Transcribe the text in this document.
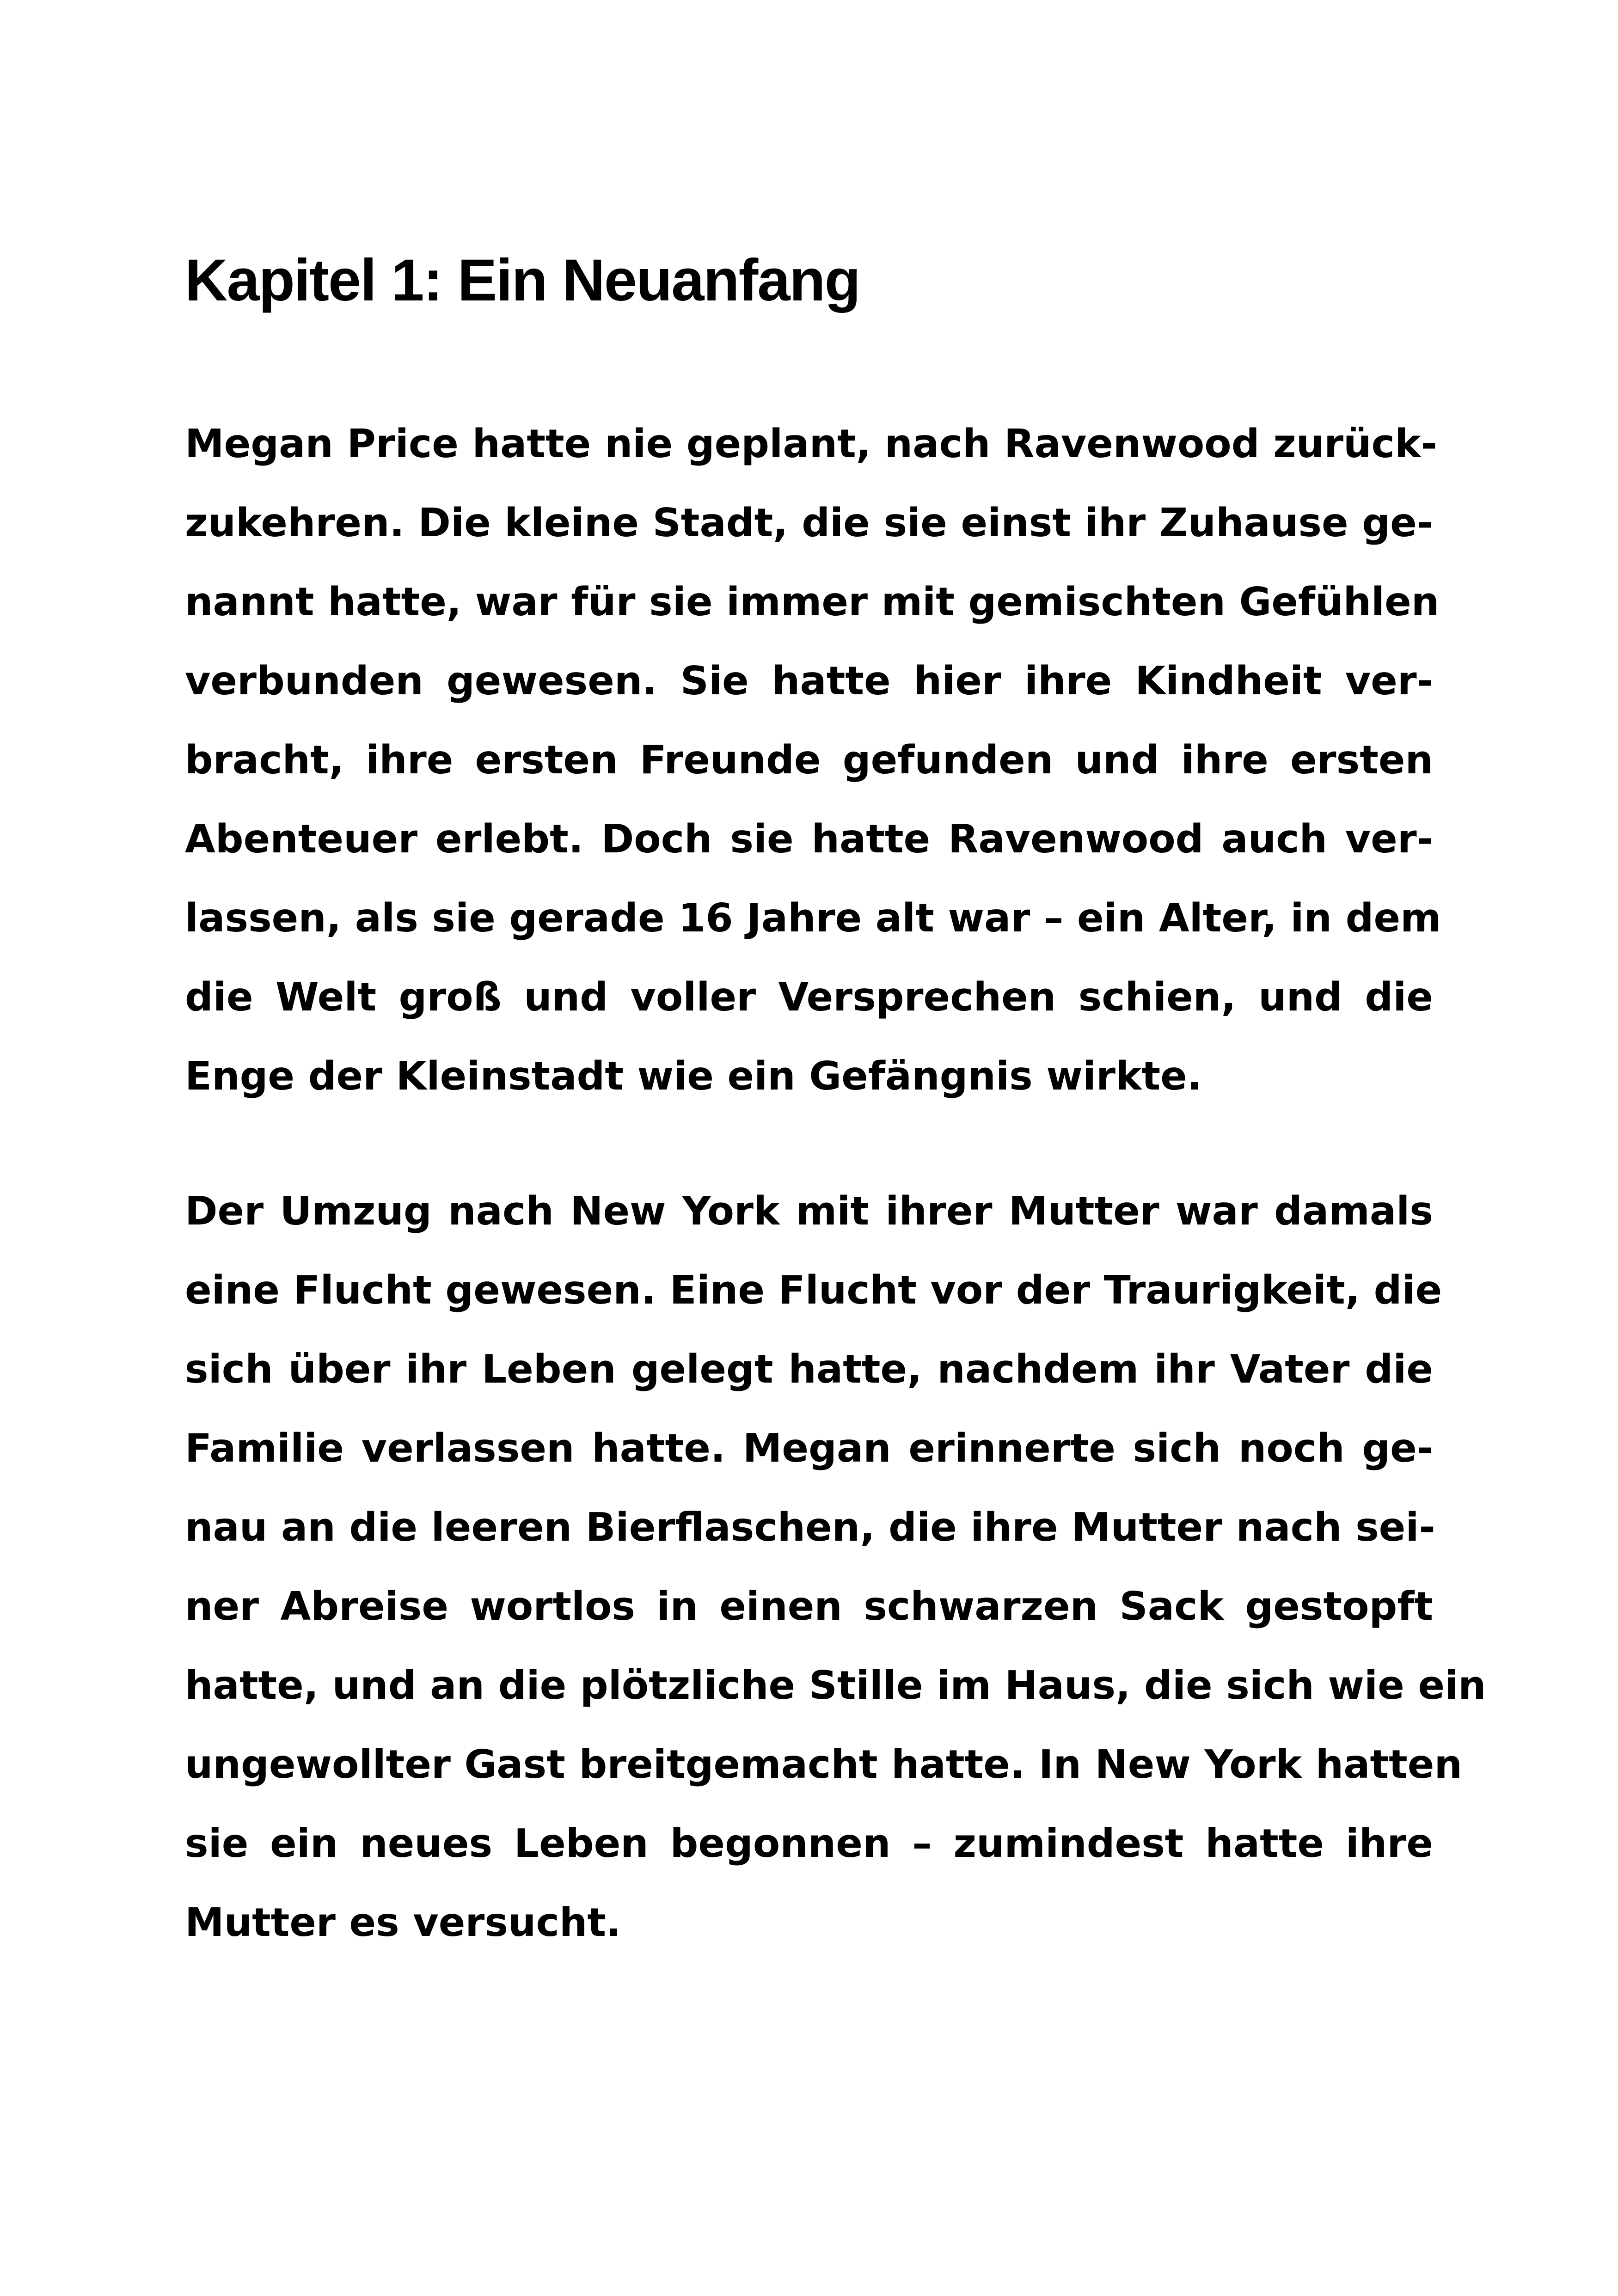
Kapitel 1: Ein Neuanfang
Megan Price hatte nie geplant, nach Ravenwood zurück-
zukehren. Die kleine Stadt, die sie einst ihr Zuhause ge-
nannt hatte, war für sie immer mit gemischten Gefühlen
verbunden gewesen. Sie hatte hier ihre Kindheit ver-
bracht, ihre ersten Freunde gefunden und ihre ersten
Abenteuer erlebt. Doch sie hatte Ravenwood auch ver-
lassen, als sie gerade 16 Jahre alt war – ein Alter, in dem
die Welt groß und voller Versprechen schien, und die
Enge der Kleinstadt wie ein Gefängnis wirkte.
Der Umzug nach New York mit ihrer Mutter war damals
eine Flucht gewesen. Eine Flucht vor der Traurigkeit, die
sich über ihr Leben gelegt hatte, nachdem ihr Vater die
Familie verlassen hatte. Megan erinnerte sich noch ge-
nau an die leeren Bierflaschen, die ihre Mutter nach sei-
ner Abreise wortlos in einen schwarzen Sack gestopft
hatte, und an die plötzliche Stille im Haus, die sich wie ein
ungewollter Gast breitgemacht hatte. In New York hatten
sie ein neues Leben begonnen – zumindest hatte ihre
Mutter es versucht.
